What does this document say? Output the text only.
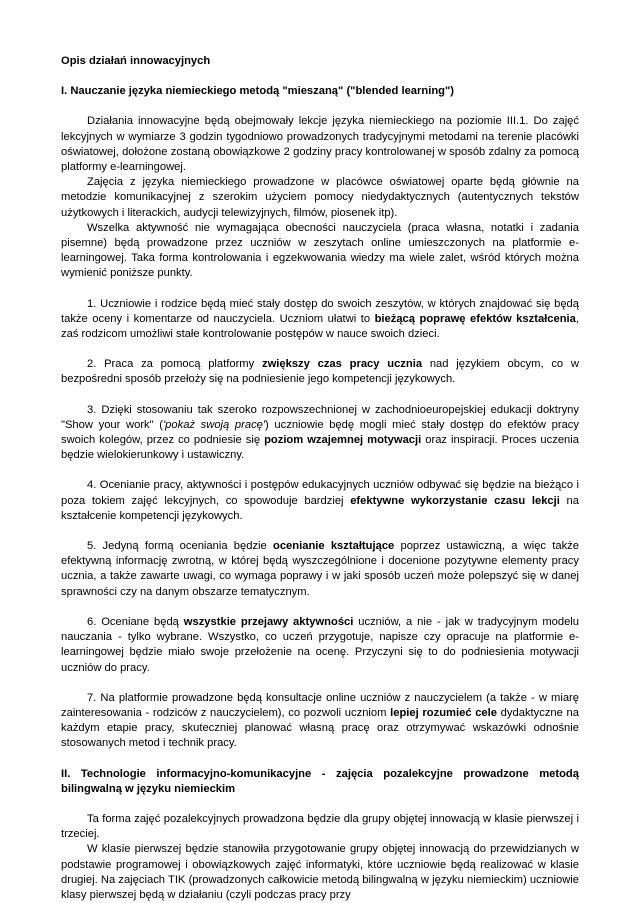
Opis działań innowacyjnych

I. Nauczanie języka niemieckiego metodą "mieszaną" ("blended learning")

Działania innowacyjne będą obejmowały lekcje języka niemieckiego na poziomie III.1. Do zajęć lekcyjnych w wymiarze 3 godzin tygodniowo prowadzonych tradycyjnymi metodami na terenie placówki oświatowej, dołożone zostaną obowiązkowe 2 godziny pracy kontrolowanej w sposób zdalny za pomocą platformy e-learningowej.

Zajęcia z języka niemieckiego prowadzone w placówce oświatowej oparte będą głównie na metodzie komunikacyjnej z szerokim użyciem pomocy niedydaktycznych (autentycznych tekstów użytkowych i literackich, audycji telewizyjnych, filmów, piosenek itp).

Wszelka aktywność nie wymagająca obecności nauczyciela (praca własna, notatki i zadania pisemne) będą prowadzone przez uczniów w zeszytach online umieszczonych na platformie e-learningowej. Taka forma kontrolowania i egzekwowania wiedzy ma wiele zalet, wśród których można wymienić poniższe punkty.

1. Uczniowie i rodzice będą mieć stały dostęp do swoich zeszytów, w których znajdować się będą także oceny i komentarze od nauczyciela. Uczniom ułatwi to bieżącą poprawę efektów kształcenia, zaś rodzicom umożliwi stałe kontrolowanie postępów w nauce swoich dzieci.

2. Praca za pomocą platformy zwiększy czas pracy ucznia nad językiem obcym, co w bezpośredni sposób przełoży się na podniesienie jego kompetencji językowych.

3. Dzięki stosowaniu tak szeroko rozpowszechnionej w zachodnioeuropejskiej edukacji doktryny "Show your work" ('pokaż swoją pracę') uczniowie będę mogli mieć stały dostęp do efektów pracy swoich kolegów, przez co podniesie się poziom wzajemnej motywacji oraz inspiracji. Proces uczenia będzie wielokierunkowy i ustawiczny.

4. Ocenianie pracy, aktywności i postępów edukacyjnych uczniów odbywać się będzie na bieżąco i poza tokiem zajęć lekcyjnych, co spowoduje bardziej efektywne wykorzystanie czasu lekcji na kształcenie kompetencji językowych.

5. Jedyną formą oceniania będzie ocenianie kształtujące poprzez ustawiczną, a więc także efektywną informację zwrotną, w której będą wyszczególnione i docenione pozytywne elementy pracy ucznia, a także zawarte uwagi, co wymaga poprawy i w jaki sposób uczeń może polepszyć się w danej sprawności czy na danym obszarze tematycznym.

6. Oceniane będą wszystkie przejawy aktywności uczniów, a nie - jak w tradycyjnym modelu nauczania - tylko wybrane. Wszystko, co uczeń przygotuje, napisze czy opracuje na platformie e-learningowej będzie miało swoje przełożenie na ocenę. Przyczyni się to do podniesienia motywacji uczniów do pracy.

7. Na platformie prowadzone będą konsultacje online uczniów z nauczycielem (a także - w miarę zainteresowania - rodziców z nauczycielem), co pozwoli uczniom lepiej rozumieć cele dydaktyczne na każdym etapie pracy, skuteczniej planować własną pracę oraz otrzymywać wskazówki odnośnie stosowanych metod i technik pracy.

II. Technologie informacyjno-komunikacyjne - zajęcia pozalekcyjne prowadzone metodą bilingwalną w języku niemieckim

Ta forma zajęć pozalekcyjnych prowadzona będzie dla grupy objętej innowacją w klasie pierwszej i trzeciej.

W klasie pierwszej będzie stanowiła przygotowanie grupy objętej innowacją do przewidzianych w podstawie programowej i obowiązkowych zajęć informatyki, które uczniowie będą realizować w klasie drugiej. Na zajęciach TIK (prowadzonych całkowicie metodą bilingwalną w języku niemieckim) uczniowie klasy pierwszej będą w działaniu (czyli podczas pracy przy
